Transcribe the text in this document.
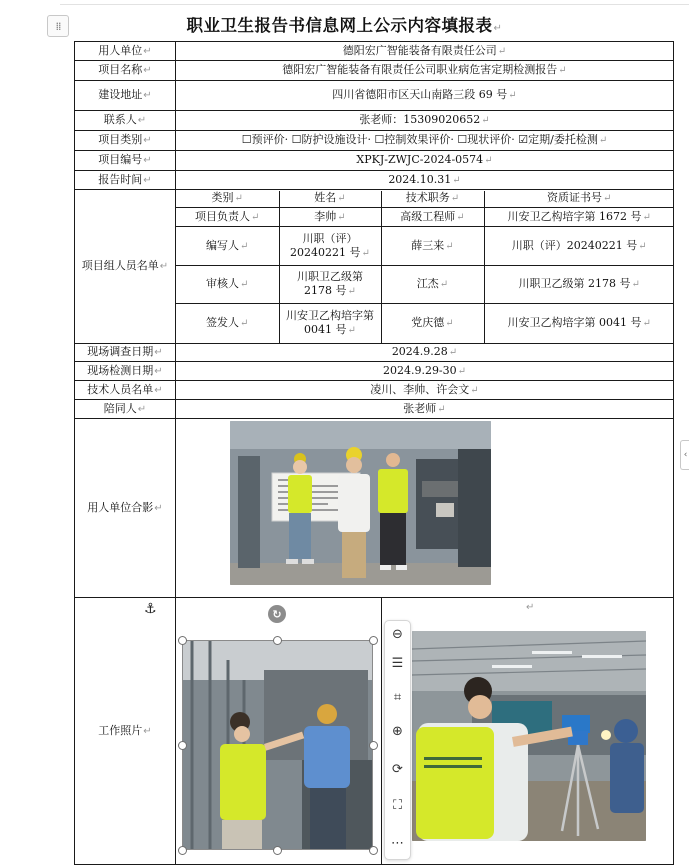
⁞⁞	职业卫生报告书信息网上公示内容填报表↵
用人单位↵	德阳宏广智能装备有限责任公司↵
项目名称↵	德阳宏广智能装备有限责任公司职业病危害定期检测报告↵
建设地址↵	四川省德阳市区天山南路三段 69 号↵
联系人↵	张老师：15309020652↵
项目类别↵	☐预评价· ☐防护设施设计· ☐控制效果评价· ☐现状评价· ☑定期/委托检测↵
项目编号↵	XPKJ-ZWJC-2024-0574↵
报告时间↵	2024.10.31↵
项目组人员名单↵	
类别↵	姓名↵	技术职务↵	资质证书号↵
项目负责人↵	李帅↵	高级工程师↵	川安卫乙构培字第 1672 号↵
编写人↵	川职（评）20240221 号↵	薛三来↵	川职（评）20240221 号↵
审核人↵	川职卫乙级第 2178 号↵	江杰↵	川职卫乙级第 2178 号↵
签发人↵	川安卫乙构培字第 0041 号↵	党庆德↵	川安卫乙构培字第 0041 号↵

现场调查日期↵	2024.9.28↵
现场检测日期↵	2024.9.29-30↵
技术人员名单↵	凌川、李帅、许会文↵
陪同人↵	张老师↵
用人单位合影↵	
工作照片↵	
↻
⚓	↵
⊖
☰
⌗
⊕
⟳
⛶
⋯
‹
